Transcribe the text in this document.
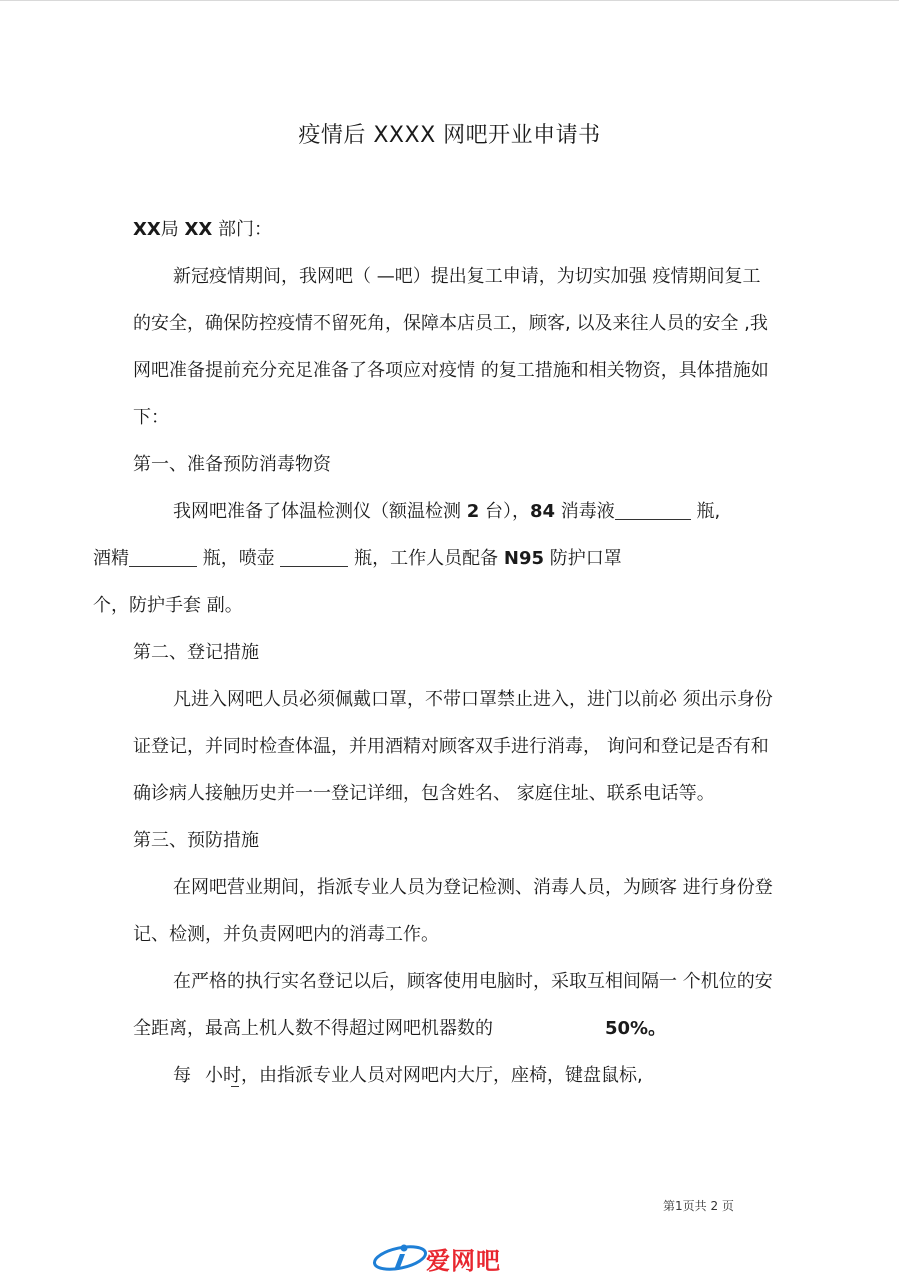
疫情后 XXXX 网吧开业申请书

XX局 XX 部门：

新冠疫情期间，我网吧（ —吧）提出复工申请，为切实加强 疫情期间复工的安全，确保防控疫情不留死角，保障本店员工，顾客, 以及来往人员的安全 ,我网吧准备提前充分充足准备了各项应对疫情 的复工措施和相关物资，具体措施如下：

第一、准备预防消毒物资

我网吧准备了体温检测仪（额温检测 2 台），84 消毒液	瓶,
酒精	瓶，喷壶	瓶，工作人员配备 N95 防护口罩
个，防护手套 副。

第二、登记措施

凡进入网吧人员必须佩戴口罩，不带口罩禁止进入，进门以前必 须出示身份证登记，并同时检查体温，并用酒精对顾客双手进行消毒， 询问和登记是否有和确诊病人接触历史并一一登记详细，包含姓名、 家庭住址、联系电话等。

第三、预防措施

在网吧营业期间，指派专业人员为登记检测、消毒人员，为顾客 进行身份登记、检测，并负责网吧内的消毒工作。

在严格的执行实名登记以后，顾客使用电脑时，采取互相间隔一 个机位的安全距离，最高上机人数不得超过网吧机器数的	50%。

每 小时，由指派专业人员对网吧内大厅，座椅，键盘鼠标,

第1页共 2 页
爱网吧
